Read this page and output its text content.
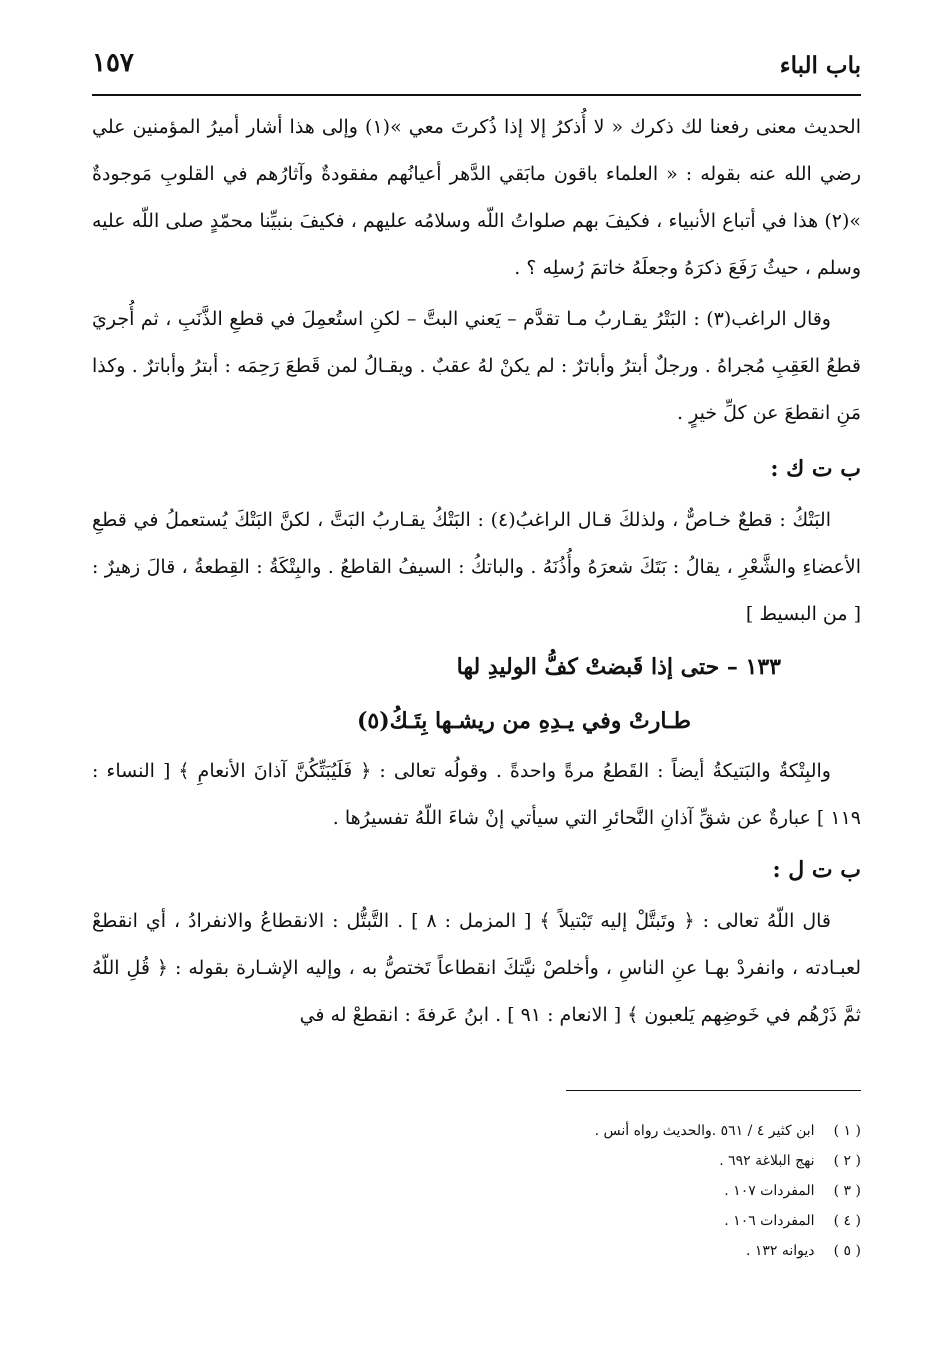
باب الباء
١٥٧

الحديث معنى رفعنا لك ذكرك « لا أُذكرُ إلا إذا ذُكرتَ معي »(١) وإلى هذا أشار أميرُ المؤمنين علي رضي الله عنه بقوله : « العلماء باقون مابَقي الدَّهر أعيانُهم مفقودةٌ وآثارُهم في القلوبِ مَوجودةٌ »(٢) هذا في أتباع الأنبياء ، فكيفَ بهم صلواتُ اللّه وسلامُه عليهم ، فكيفَ بنبيِّنا محمّدٍ صلى اللّه عليه وسلم ، حيثُ رَفَعَ ذكرَهُ وجعلَهُ خاتمَ رُسلِه ؟ .

وقال الراغب(٣) : البَتْرُ يقـاربُ مـا تقدَّم – يَعني البتَّ – لكنِ استُعمِلَ في قطعِ الذَّنَبِ ، ثم أُجريَ قطعُ العَقِبِ مُجراهُ . ورجلٌ أبترُ وأباترٌ : لم يكنْ لهُ عقبٌ . ويقـالُ لمن قَطعَ رَحِمَه : أبترُ وأباترٌ . وكذا مَنِ انقطعَ عن كلِّ خيرٍ .

ب ت ك :

البَتْكُ : قطعٌ خـاصٌّ ، ولذلكَ قـال الراغبُ(٤) : البَتْكُ يقـاربُ البَتَّ ، لكنَّ البَتْكَ يُستعملُ في قطعِ الأعضاءِ والشَّعْرِ ، يقالُ : بَتَكَ شعرَهُ وأُذُنَهُ . والباتكُ : السيفُ القاطعُ . والبِتْكَةُ : القِطعةُ ، قالَ زهيرٌ : [ من البسيط ]

١٣٣ – حتى إذا قَبضتْ كفُّ الوليدِ لها

طـارتْ وفي يـدِهِ من ريشـها بِتَـكُ(٥)

والبِتْكةُ والبَتيكةُ أيضاً : القَطعُ مرةً واحدةً . وقولُه تعالى : ﴿ فَلَيُبَتِّكُنَّ آذانَ الأنعامِ ﴾ [ النساء : ١١٩ ] عبارةٌ عن شقِّ آذانِ النَّحائرِ التي سيأتي إنْ شاءَ اللّهُ تفسيرُها .

ب ت ل :

قال اللّهُ تعالى : ﴿ وتَبتَّلْ إليه تَبْتيلاً ﴾ [ المزمل : ٨ ] . التَّبتُّل : الانقطاعُ والانفرادُ ، أي انقطعْ لعبـادته ، وانفردْ بهـا عنِ الناسِ ، وأخلصْ نيَّتكَ انقطاعاً تَختصُّ به ، وإليه الإشـارة بقوله : ﴿ قُلِ اللّهُ ثمَّ ذَرْهُم في خَوضِهم يَلعبون ﴾ [ الانعام : ٩١ ] . ابنُ عَرفةَ : انقطعْ له في

( ١ ) ابن كثير ٤ / ٥٦١ .والحديث رواه أنس .

( ٢ ) نهج البلاغة ٦٩٢ .

( ٣ ) المفردات ١٠٧ .

( ٤ ) المفردات ١٠٦ .

( ٥ ) ديوانه ١٣٢ .
